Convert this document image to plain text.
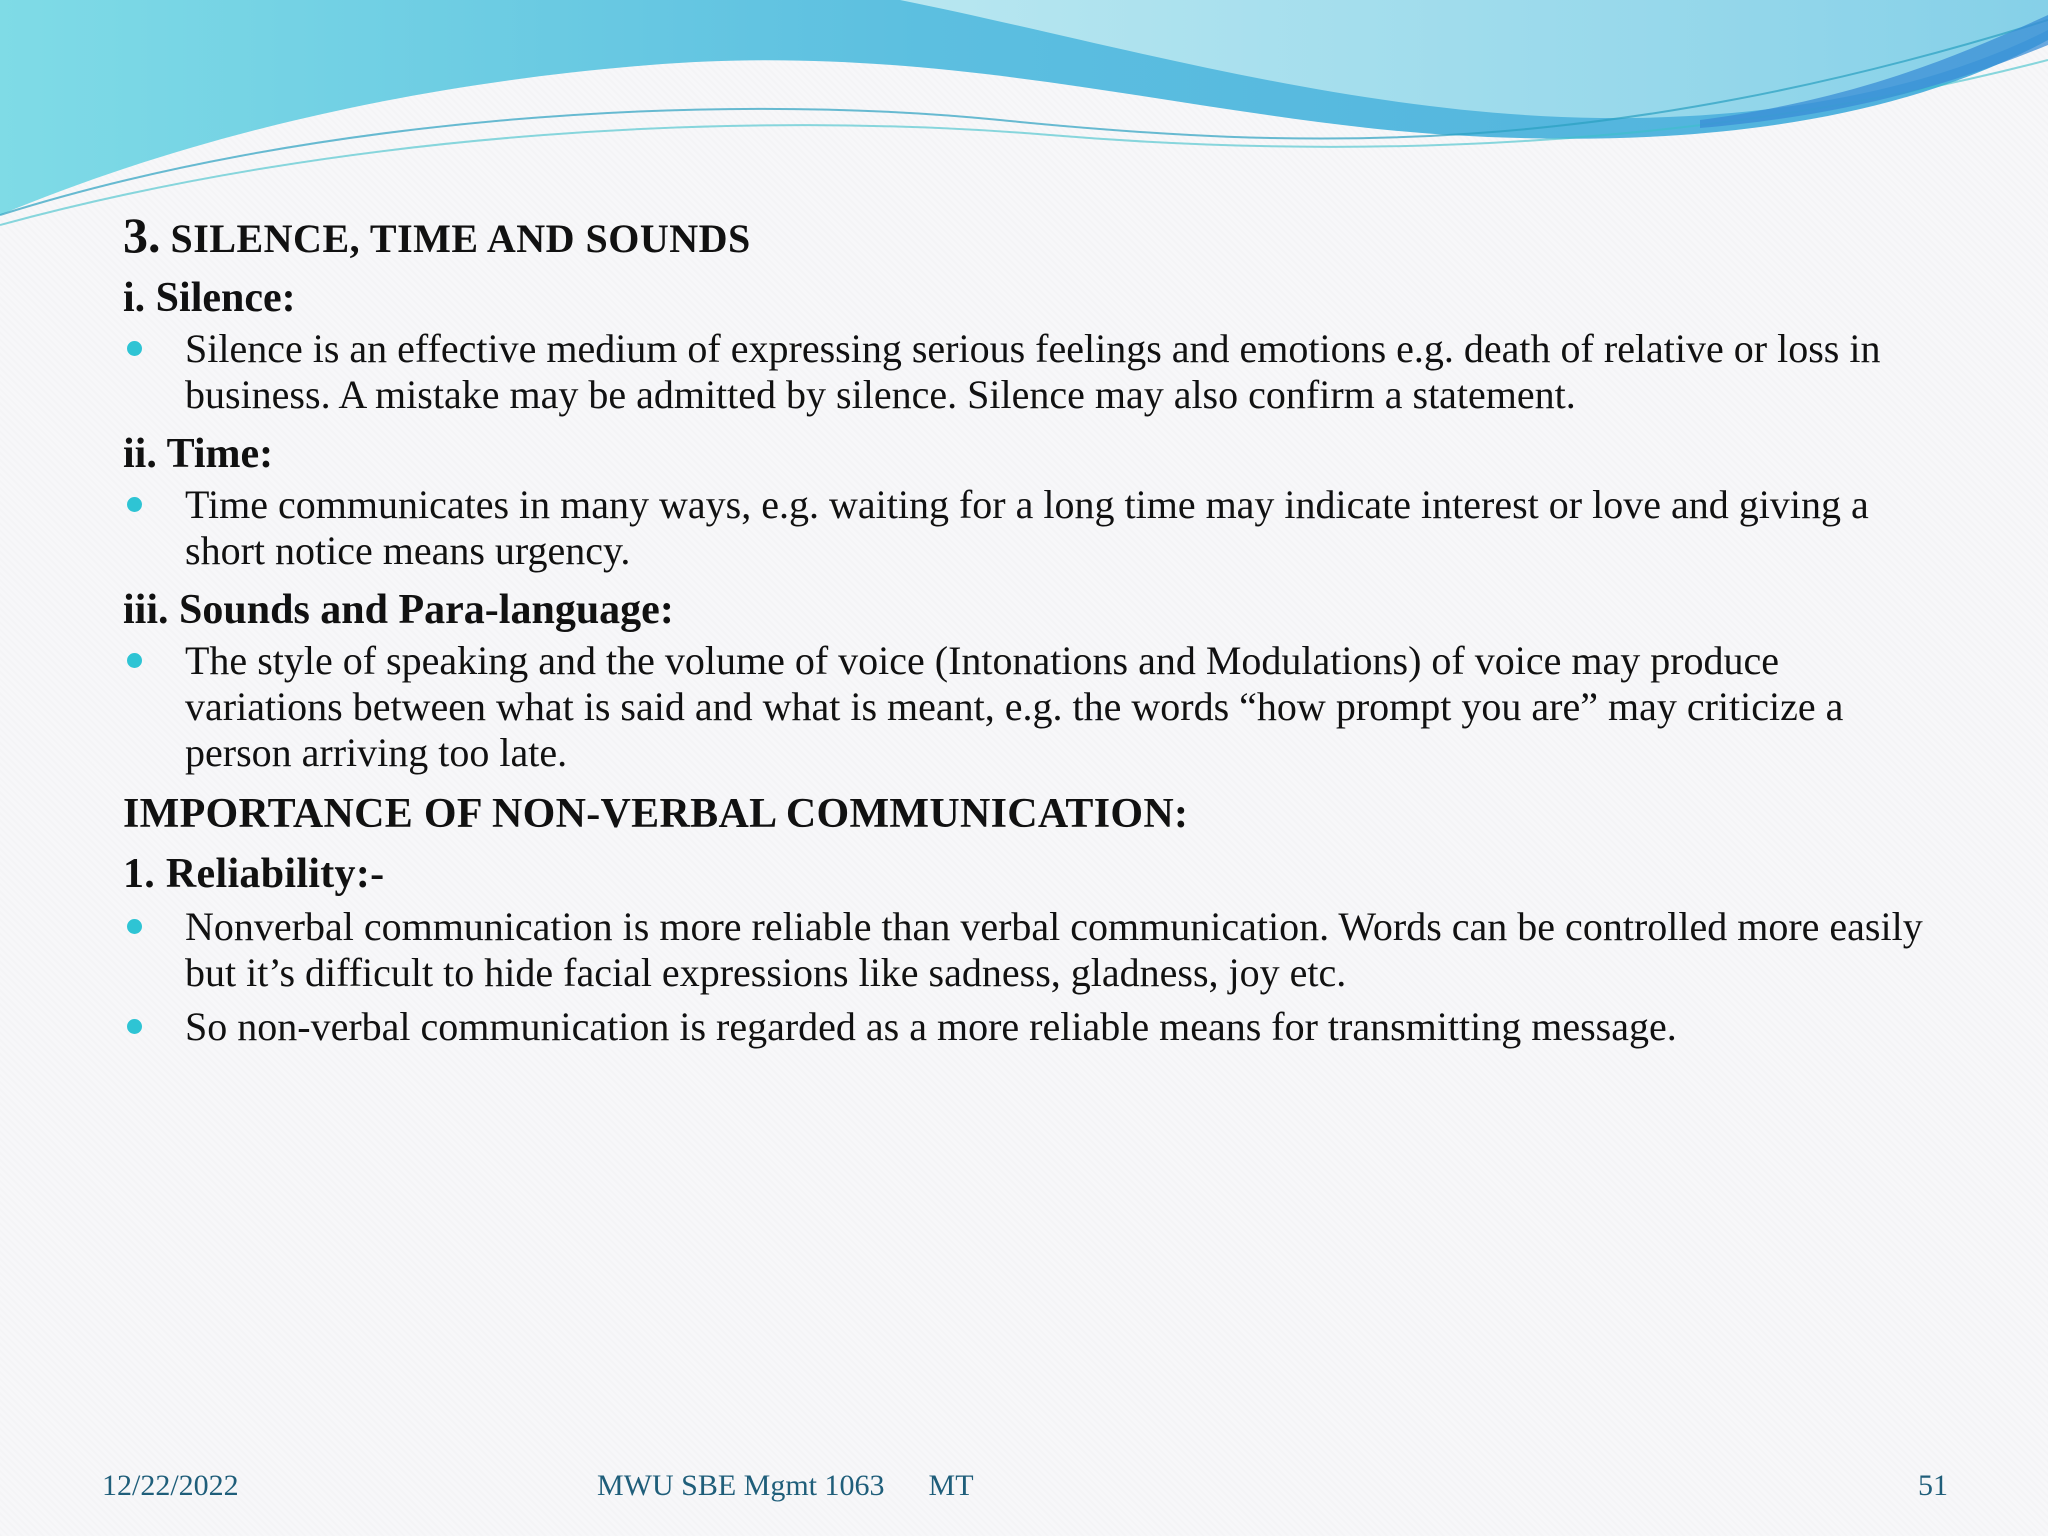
3. SILENCE, TIME AND SOUNDS
i. Silence:
Silence is an effective medium of expressing serious feelings and emotions e.g. death of relative or loss in business. A mistake may be admitted by silence. Silence may also confirm a statement.
ii. Time:
Time communicates in many ways, e.g. waiting for a long time may indicate interest or love and giving a short notice means urgency.
iii. Sounds and Para-language:
The style of speaking and the volume of voice (Intonations and Modulations) of voice may produce variations between what is said and what is meant, e.g. the words “how prompt you are” may criticize a person arriving too late.
IMPORTANCE OF NON-VERBAL COMMUNICATION:
1. Reliability:-
Nonverbal communication is more reliable than verbal communication. Words can be controlled more easily but it’s difficult to hide facial expressions like sadness, gladness, joy etc.
So non-verbal communication is regarded as a more reliable means for transmitting message.
12/22/2022	MWU SBE Mgmt 1063 MT	51
